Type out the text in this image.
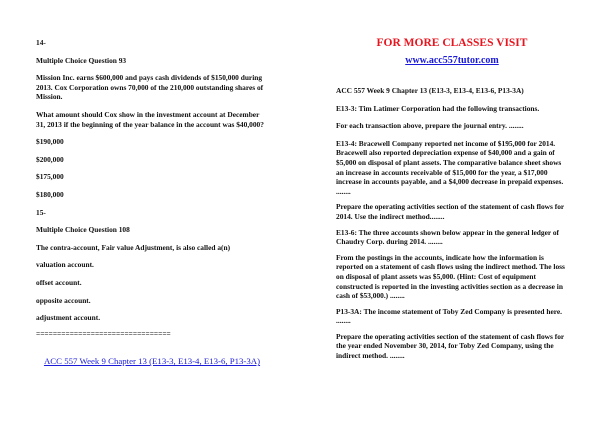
14-

Multiple Choice Question 93

Mission Inc. earns $600,000 and pays cash dividends of $150,000 during 2013. Cox Corporation owns 70,000 of the 210,000 outstanding shares of Mission.

What amount should Cox show in the investment account at December 31, 2013 if the beginning of the year balance in the account was $40,000?

$190,000

$200,000

$175,000

$180,000

15-

Multiple Choice Question 108

The contra-account, Fair value Adjustment, is also called a(n)

valuation account.

offset account.

opposite account.

adjustment account.

================================

ACC 557 Week 9 Chapter 13 (E13-3, E13-4, E13-6, P13-3A)

FOR MORE CLASSES VISIT

www.acc557tutor.com

ACC 557 Week 9 Chapter 13 (E13-3, E13-4, E13-6, P13-3A)

E13-3: Tim Latimer Corporation had the following transactions.

For each transaction above, prepare the journal entry. ........

E13-4: Bracewell Company reported net income of $195,000 for 2014. Bracewell also reported depreciation expense of $40,000 and a gain of $5,000 on disposal of plant assets. The comparative balance sheet shows an increase in accounts receivable of $15,000 for the year, a $17,000 increase in accounts payable, and a $4,000 decrease in prepaid expenses. ........

Prepare the operating activities section of the statement of cash flows for 2014. Use the indirect method........

E13-6: The three accounts shown below appear in the general ledger of Chaudry Corp. during 2014. ........

From the postings in the accounts, indicate how the information is reported on a statement of cash flows using the indirect method. The loss on disposal of plant assets was $5,000. (Hint: Cost of equipment constructed is reported in the investing activities section as a decrease in cash of $53,000.) ........

P13-3A: The income statement of Toby Zed Company is presented here. ........

Prepare the operating activities section of the statement of cash flows for the year ended November 30, 2014, for Toby Zed Company, using the indirect method. ........
